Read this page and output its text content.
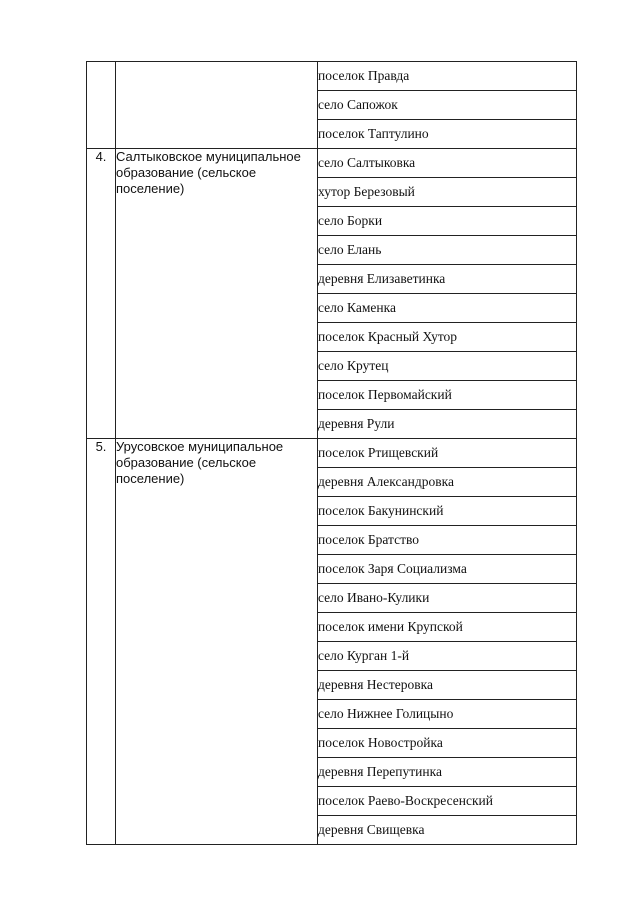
		поселок Правда
		село Сапожок
		поселок Таптулино
4.	Салтыковское муниципальное образование (сельское поселение)	село Салтыковка
		хутор Березовый
		село Борки
		село Елань
		деревня Елизаветинка
		село Каменка
		поселок Красный Хутор
		село Крутец
		поселок Первомайский
		деревня Рули
5.	Урусовское муниципальное образование (сельское поселение)	поселок Ртищевский
		деревня Александровка
		поселок Бакунинский
		поселок Братство
		поселок Заря Социализма
		село Ивано-Кулики
		поселок имени Крупской
		село Курган 1-й
		деревня Нестеровка
		село Нижнее Голицыно
		поселок Новостройка
		деревня Перепутинка
		поселок Раево-Воскресенский
		деревня Свищевка
